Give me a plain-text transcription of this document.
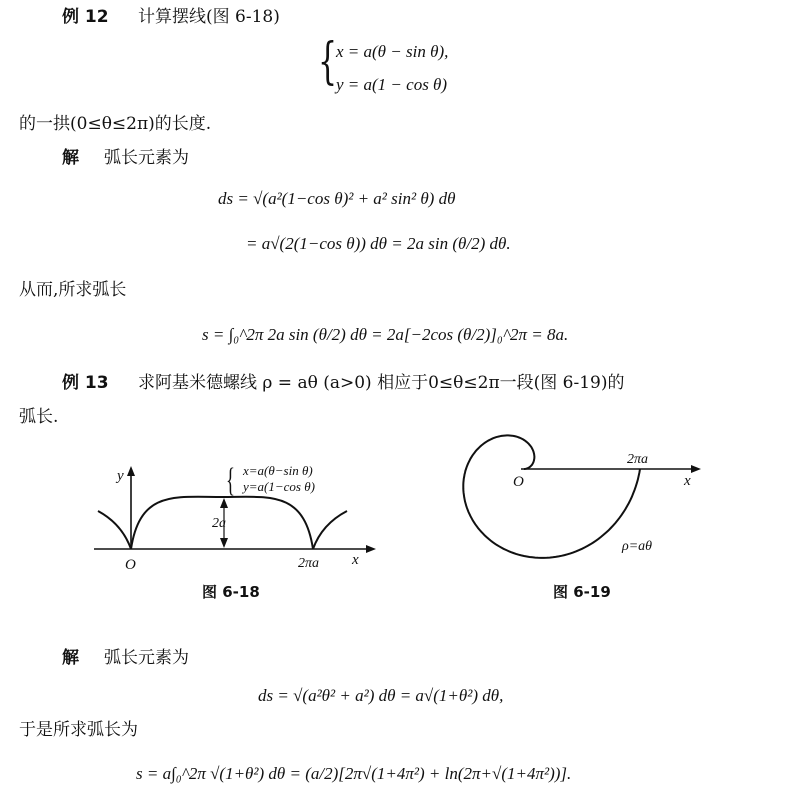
例 12 计算摆线(图 6-18)
{
x = a(θ − sin θ),
y = a(1 − cos θ)
的一拱(0≤θ≤2π)的长度.
解 弧长元素为
ds = √(a²(1−cos θ)² + a² sin² θ) dθ
= a√(2(1−cos θ)) dθ = 2a sin (θ/2) dθ.
从而,所求弧长
s = ∫₀^2π 2a sin (θ/2) dθ = 2a[−2cos (θ/2)]₀^2π = 8a.
例 13 求阿基米德螺线 ρ = aθ (a>0) 相应于0≤θ≤2π一段(图 6-19)的
弧长.
y
x
O
2a
2πa
{ x=a(θ−sin θ)
y=a(1−cos θ)
图 6-18
O	x
2πa
ρ=aθ
图 6-19
解 弧长元素为
ds = √(a²θ² + a²) dθ = a√(1+θ²) dθ,
于是所求弧长为
s = a∫₀^2π √(1+θ²) dθ = (a/2)[2π√(1+4π²) + ln(2π+√(1+4π²))].
